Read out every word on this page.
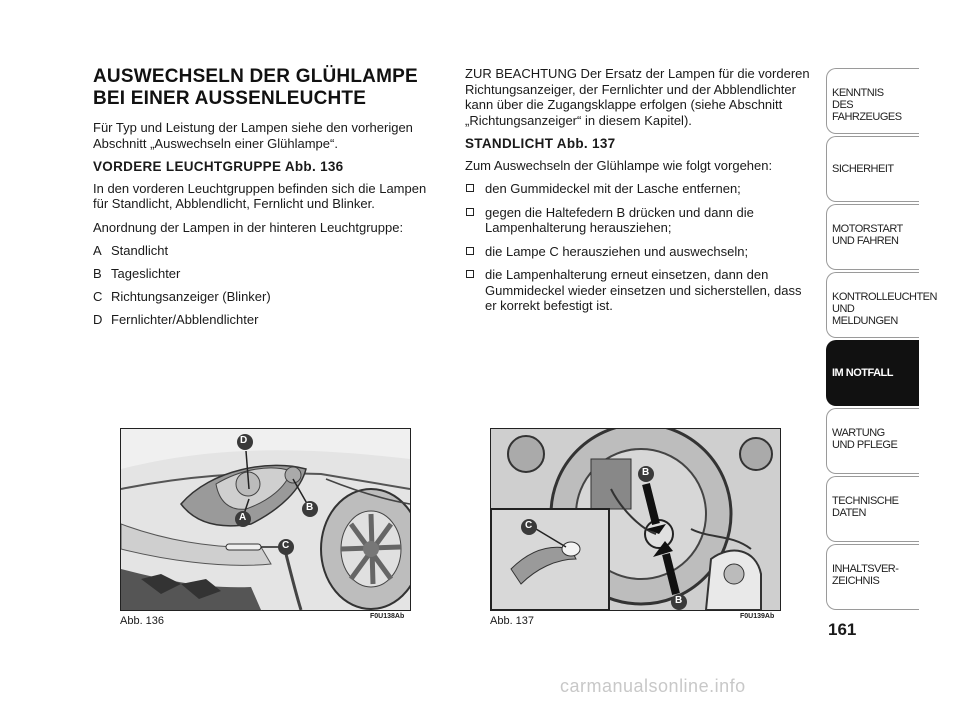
AUSWECHSELN DER GLÜHLAMPE
BEI EINER AUSSENLEUCHTE

Für Typ und Leistung der Lampen siehe den vorherigen Abschnitt „Auswechseln einer Glühlampe“.

VORDERE LEUCHTGRUPPE Abb. 136

In den vorderen Leuchtgruppen befinden sich die Lampen für Standlicht, Abblendlicht, Fernlicht und Blinker.

Anordnung der Lampen in der hinteren Leuchtgruppe:

A Standlicht
B Tageslichter
C Richtungsanzeiger (Blinker)
D Fernlichter/Abblendlichter

ZUR BEACHTUNG Der Ersatz der Lampen für die vorderen Richtungsanzeiger, der Fernlichter und der Abblendlichter kann über die Zugangsklappe erfolgen (siehe Abschnitt „Richtungsanzeiger“ in diesem Kapitel).

STANDLICHT Abb. 137

Zum Auswechseln der Glühlampe wie folgt vorgehen:

den Gummideckel mit der Lasche entfernen;
gegen die Haltefedern B drücken und dann die Lampenhalterung herausziehen;
die Lampe C herausziehen und auswechseln;
die Lampenhalterung erneut einsetzen, dann den Gummideckel wieder einsetzen und sicherstellen, dass er korrekt befestigt ist.
D
A
B
C
Abb. 136	F0U138Ab
B
C
B
Abb. 137	F0U139Ab
KENNTNIS
DES FAHRZEUGES
SICHERHEIT
MOTORSTART
UND FAHREN
KONTROLLEUCHTEN
UND MELDUNGEN
IM NOTFALL
WARTUNG
UND PFLEGE
TECHNISCHE
DATEN
INHALTSVER-
ZEICHNIS
161
carmanualsonline.info
